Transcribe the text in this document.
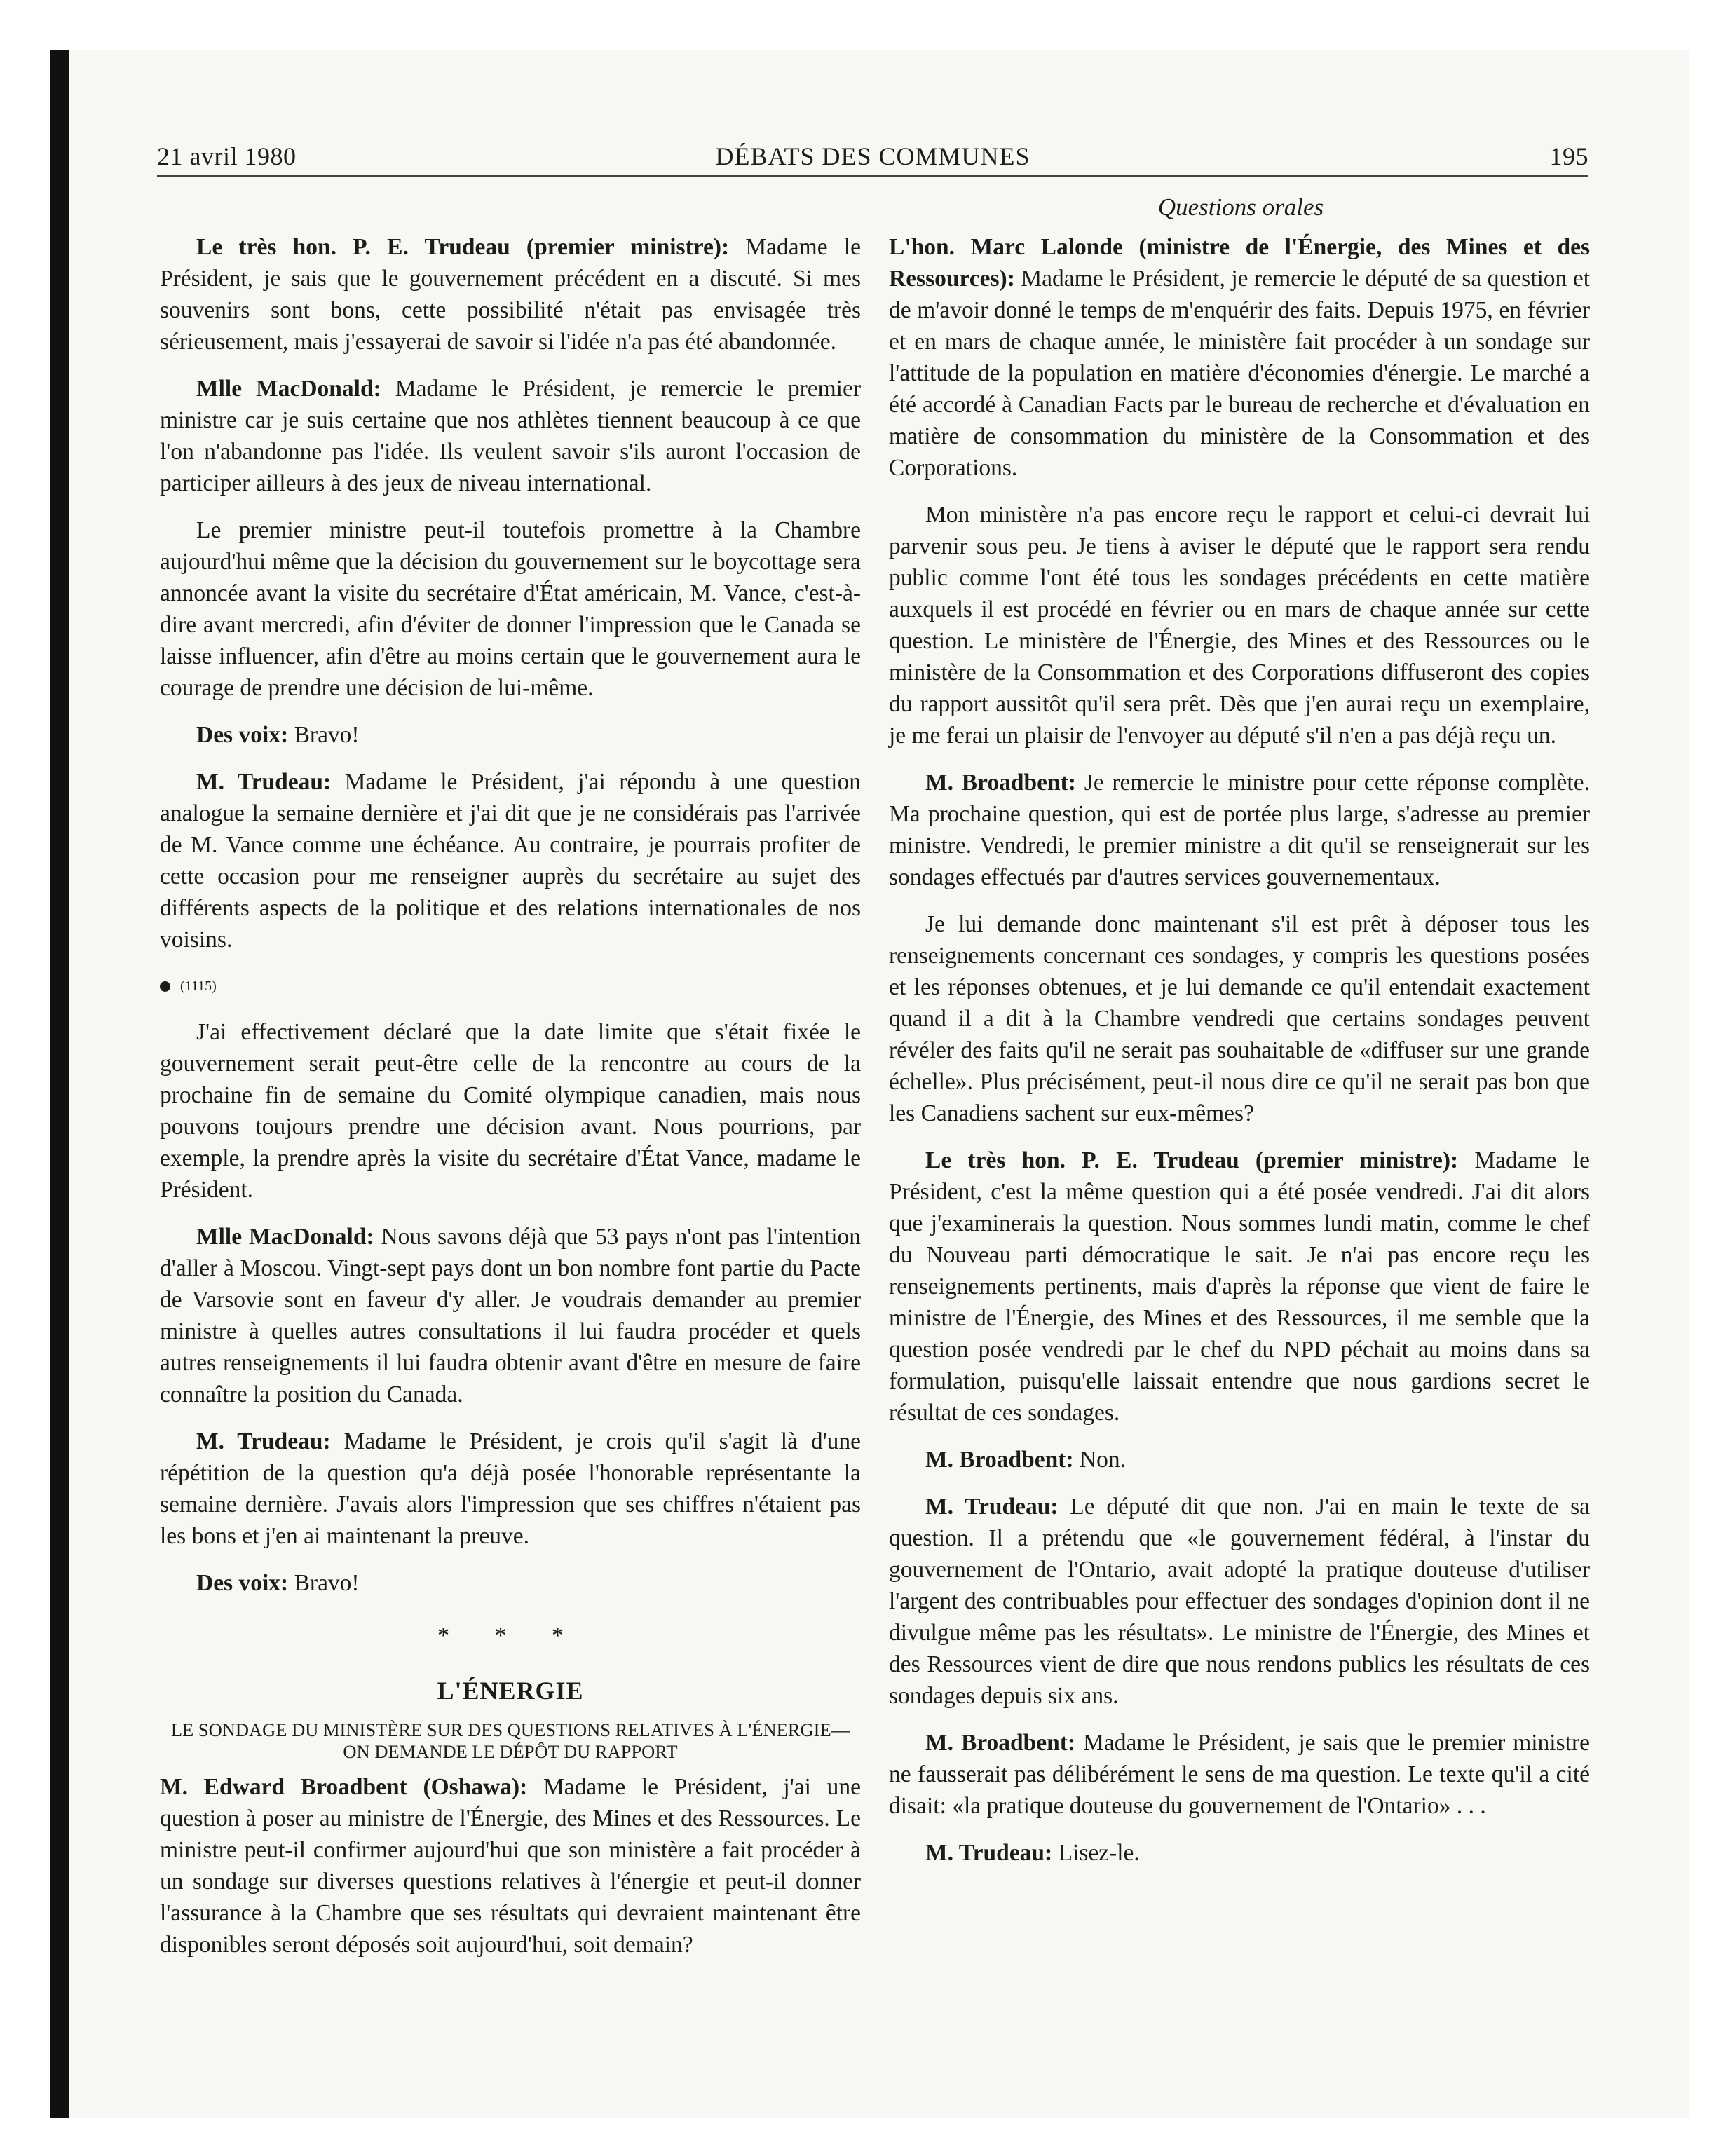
21 avril 1980	DÉBATS DES COMMUNES	195
Questions orales

Le très hon. P. E. Trudeau (premier ministre): Madame le Président, je sais que le gouvernement précédent en a discuté. Si mes souvenirs sont bons, cette possibilité n'était pas envisagée très sérieusement, mais j'essayerai de savoir si l'idée n'a pas été abandonnée.

Mlle MacDonald: Madame le Président, je remercie le premier ministre car je suis certaine que nos athlètes tiennent beaucoup à ce que l'on n'abandonne pas l'idée. Ils veulent savoir s'ils auront l'occasion de participer ailleurs à des jeux de niveau international.

Le premier ministre peut-il toutefois promettre à la Chambre aujourd'hui même que la décision du gouvernement sur le boycottage sera annoncée avant la visite du secrétaire d'État américain, M. Vance, c'est-à-dire avant mercredi, afin d'éviter de donner l'impression que le Canada se laisse influencer, afin d'être au moins certain que le gouvernement aura le courage de prendre une décision de lui-même.

Des voix: Bravo!

M. Trudeau: Madame le Président, j'ai répondu à une question analogue la semaine dernière et j'ai dit que je ne considérais pas l'arrivée de M. Vance comme une échéance. Au contraire, je pourrais profiter de cette occasion pour me renseigner auprès du secrétaire au sujet des différents aspects de la politique et des relations internationales de nos voisins.

(1115)

J'ai effectivement déclaré que la date limite que s'était fixée le gouvernement serait peut-être celle de la rencontre au cours de la prochaine fin de semaine du Comité olympique canadien, mais nous pouvons toujours prendre une décision avant. Nous pourrions, par exemple, la prendre après la visite du secrétaire d'État Vance, madame le Président.

Mlle MacDonald: Nous savons déjà que 53 pays n'ont pas l'intention d'aller à Moscou. Vingt-sept pays dont un bon nombre font partie du Pacte de Varsovie sont en faveur d'y aller. Je voudrais demander au premier ministre à quelles autres consultations il lui faudra procéder et quels autres renseignements il lui faudra obtenir avant d'être en mesure de faire connaître la position du Canada.

M. Trudeau: Madame le Président, je crois qu'il s'agit là d'une répétition de la question qu'a déjà posée l'honorable représentante la semaine dernière. J'avais alors l'impression que ses chiffres n'étaient pas les bons et j'en ai maintenant la preuve.

Des voix: Bravo!

* * *
L'ÉNERGIE
LE SONDAGE DU MINISTÈRE SUR DES QUESTIONS RELATIVES À L'ÉNERGIE—ON DEMANDE LE DÉPÔT DU RAPPORT

M. Edward Broadbent (Oshawa): Madame le Président, j'ai une question à poser au ministre de l'Énergie, des Mines et des Ressources. Le ministre peut-il confirmer aujourd'hui que son ministère a fait procéder à un sondage sur diverses questions relatives à l'énergie et peut-il donner l'assurance à la Chambre que ses résultats qui devraient maintenant être disponibles seront déposés soit aujourd'hui, soit demain?

L'hon. Marc Lalonde (ministre de l'Énergie, des Mines et des Ressources): Madame le Président, je remercie le député de sa question et de m'avoir donné le temps de m'enquérir des faits. Depuis 1975, en février et en mars de chaque année, le ministère fait procéder à un sondage sur l'attitude de la population en matière d'économies d'énergie. Le marché a été accordé à Canadian Facts par le bureau de recherche et d'évaluation en matière de consommation du ministère de la Consommation et des Corporations.

Mon ministère n'a pas encore reçu le rapport et celui-ci devrait lui parvenir sous peu. Je tiens à aviser le député que le rapport sera rendu public comme l'ont été tous les sondages précédents en cette matière auxquels il est procédé en février ou en mars de chaque année sur cette question. Le ministère de l'Énergie, des Mines et des Ressources ou le ministère de la Consommation et des Corporations diffuseront des copies du rapport aussitôt qu'il sera prêt. Dès que j'en aurai reçu un exemplaire, je me ferai un plaisir de l'envoyer au député s'il n'en a pas déjà reçu un.

M. Broadbent: Je remercie le ministre pour cette réponse complète. Ma prochaine question, qui est de portée plus large, s'adresse au premier ministre. Vendredi, le premier ministre a dit qu'il se renseignerait sur les sondages effectués par d'autres services gouvernementaux.

Je lui demande donc maintenant s'il est prêt à déposer tous les renseignements concernant ces sondages, y compris les questions posées et les réponses obtenues, et je lui demande ce qu'il entendait exactement quand il a dit à la Chambre vendredi que certains sondages peuvent révéler des faits qu'il ne serait pas souhaitable de «diffuser sur une grande échelle». Plus précisément, peut-il nous dire ce qu'il ne serait pas bon que les Canadiens sachent sur eux-mêmes?

Le très hon. P. E. Trudeau (premier ministre): Madame le Président, c'est la même question qui a été posée vendredi. J'ai dit alors que j'examinerais la question. Nous sommes lundi matin, comme le chef du Nouveau parti démocratique le sait. Je n'ai pas encore reçu les renseignements pertinents, mais d'après la réponse que vient de faire le ministre de l'Énergie, des Mines et des Ressources, il me semble que la question posée vendredi par le chef du NPD péchait au moins dans sa formulation, puisqu'elle laissait entendre que nous gardions secret le résultat de ces sondages.

M. Broadbent: Non.

M. Trudeau: Le député dit que non. J'ai en main le texte de sa question. Il a prétendu que «le gouvernement fédéral, à l'instar du gouvernement de l'Ontario, avait adopté la pratique douteuse d'utiliser l'argent des contribuables pour effectuer des sondages d'opinion dont il ne divulgue même pas les résultats». Le ministre de l'Énergie, des Mines et des Ressources vient de dire que nous rendons publics les résultats de ces sondages depuis six ans.

M. Broadbent: Madame le Président, je sais que le premier ministre ne fausserait pas délibérément le sens de ma question. Le texte qu'il a cité disait: «la pratique douteuse du gouvernement de l'Ontario» . . .

M. Trudeau: Lisez-le.
